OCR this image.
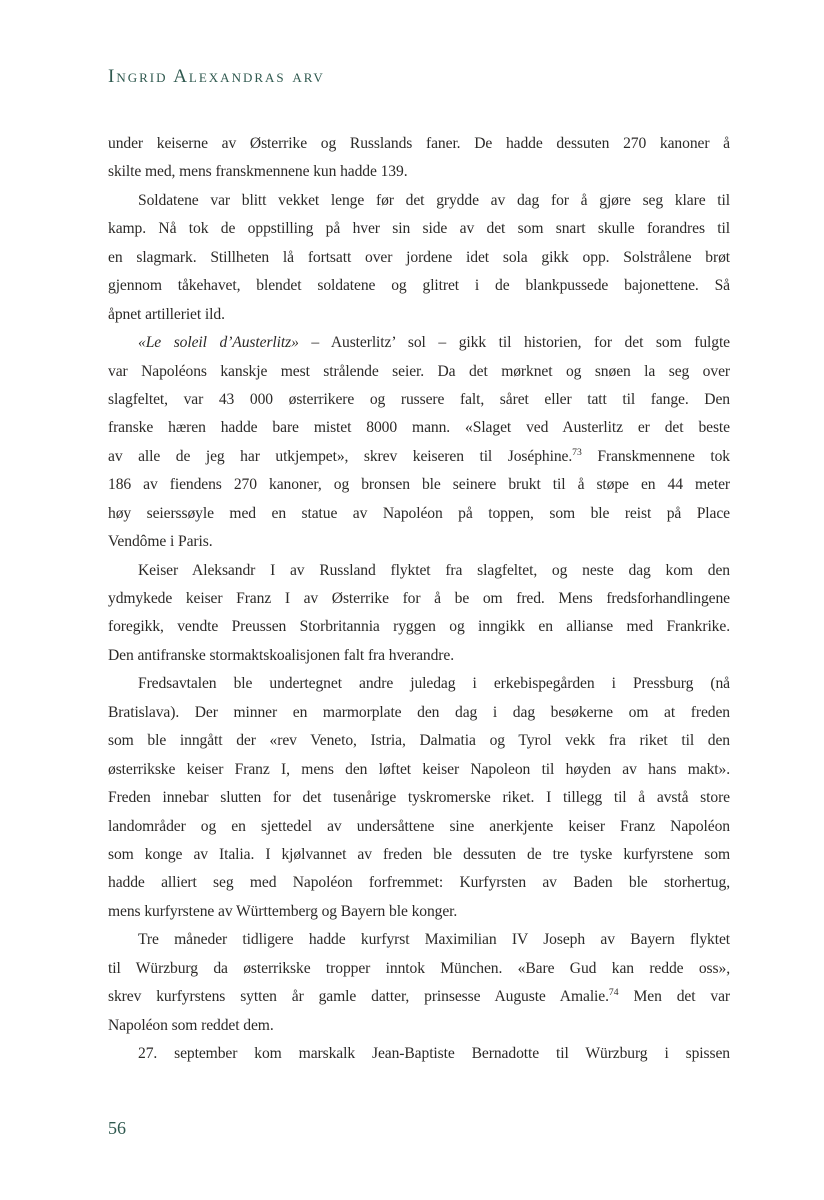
Ingrid Alexandras arv
under keiserne av Østerrike og Russlands faner. De hadde dessuten 270 kanoner å
skilte med, mens franskmennene kun hadde 139.
Soldatene var blitt vekket lenge før det grydde av dag for å gjøre seg klare til
kamp. Nå tok de oppstilling på hver sin side av det som snart skulle forandres til
en slagmark. Stillheten lå fortsatt over jordene idet sola gikk opp. Solstrålene brøt
gjennom tåkehavet, blendet soldatene og glitret i de blankpussede bajonettene. Så
åpnet artilleriet ild.
«Le soleil d’Austerlitz» – Austerlitz’ sol – gikk til historien, for det som fulgte
var Napoléons kanskje mest strålende seier. Da det mørknet og snøen la seg over
slagfeltet, var 43 000 østerrikere og russere falt, såret eller tatt til fange. Den
franske hæren hadde bare mistet 8000 mann. «Slaget ved Austerlitz er det beste
av alle de jeg har utkjempet», skrev keiseren til Joséphine.$^{73}$ Franskmennene tok
186 av fiendens 270 kanoner, og bronsen ble seinere brukt til å støpe en 44 meter
høy seierssøyle med en statue av Napoléon på toppen, som ble reist på Place
Vendôme i Paris.
Keiser Aleksandr I av Russland flyktet fra slagfeltet, og neste dag kom den
ydmykede keiser Franz I av Østerrike for å be om fred. Mens fredsforhandlingene
foregikk, vendte Preussen Storbritannia ryggen og inngikk en allianse med Frankrike.
Den antifranske stormaktskoalisjonen falt fra hverandre.
Fredsavtalen ble undertegnet andre juledag i erkebispegården i Pressburg (nå
Bratislava). Der minner en marmorplate den dag i dag besøkerne om at freden
som ble inngått der «rev Veneto, Istria, Dalmatia og Tyrol vekk fra riket til den
østerrikske keiser Franz I, mens den løftet keiser Napoleon til høyden av hans makt».
Freden innebar slutten for det tusenårige tyskromerske riket. I tillegg til å avstå store
landområder og en sjettedel av undersåttene sine anerkjente keiser Franz Napoléon
som konge av Italia. I kjølvannet av freden ble dessuten de tre tyske kurfyrstene som
hadde alliert seg med Napoléon forfremmet: Kurfyrsten av Baden ble storhertug,
mens kurfyrstene av Württemberg og Bayern ble konger.
Tre måneder tidligere hadde kurfyrst Maximilian IV Joseph av Bayern flyktet
til Würzburg da østerrikske tropper inntok München. «Bare Gud kan redde oss»,
skrev kurfyrstens sytten år gamle datter, prinsesse Auguste Amalie.$^{74}$ Men det var
Napoléon som reddet dem.
27. september kom marskalk Jean-Baptiste Bernadotte til Würzburg i spissen
56
